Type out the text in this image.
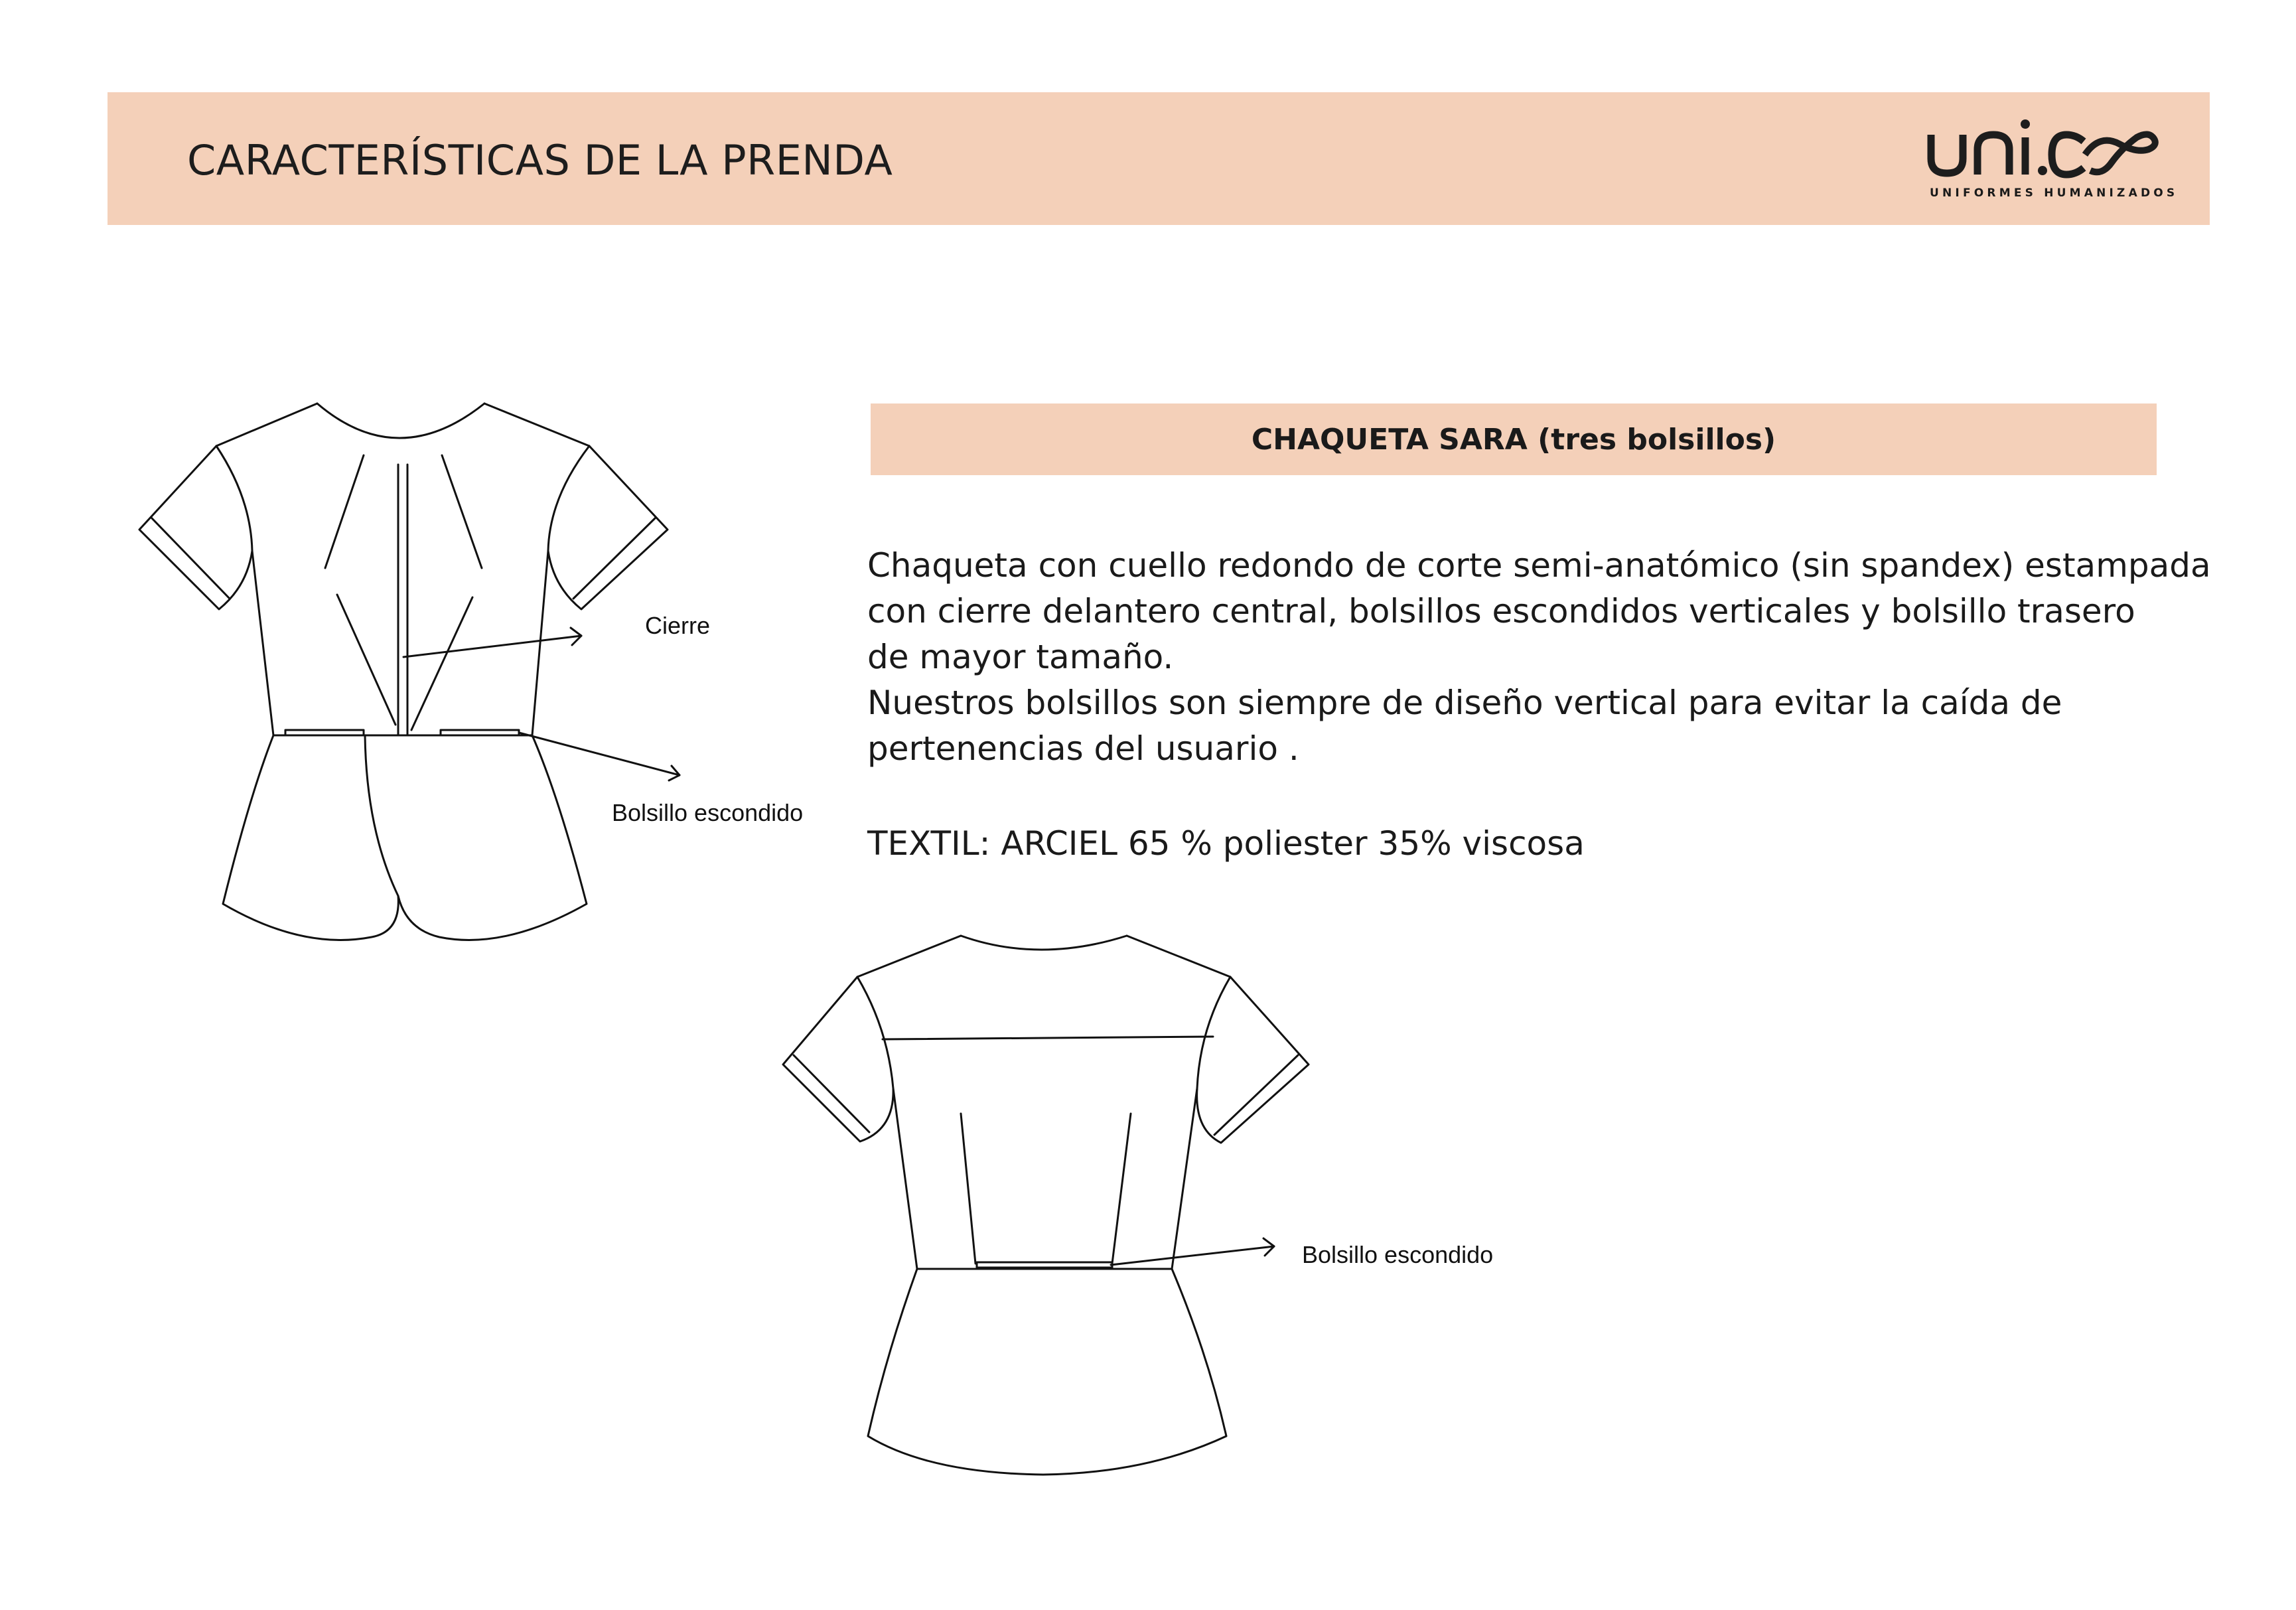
CARACTERÍSTICAS DE LA PRENDA
UNIFORMES HUMANIZADOS
CHAQUETA SARA (tres bolsillos)

Chaqueta con cuello redondo de corte semi-anatómico (sin spandex) estampada

con cierre delantero central, bolsillos escondidos verticales y bolsillo trasero

de mayor tamaño.

Nuestros bolsillos son siempre de diseño vertical para evitar la caída de

pertenencias del usuario .

TEXTIL: ARCIEL 65 % poliester 35% viscosa
Cierre
Bolsillo escondido
Bolsillo escondido
